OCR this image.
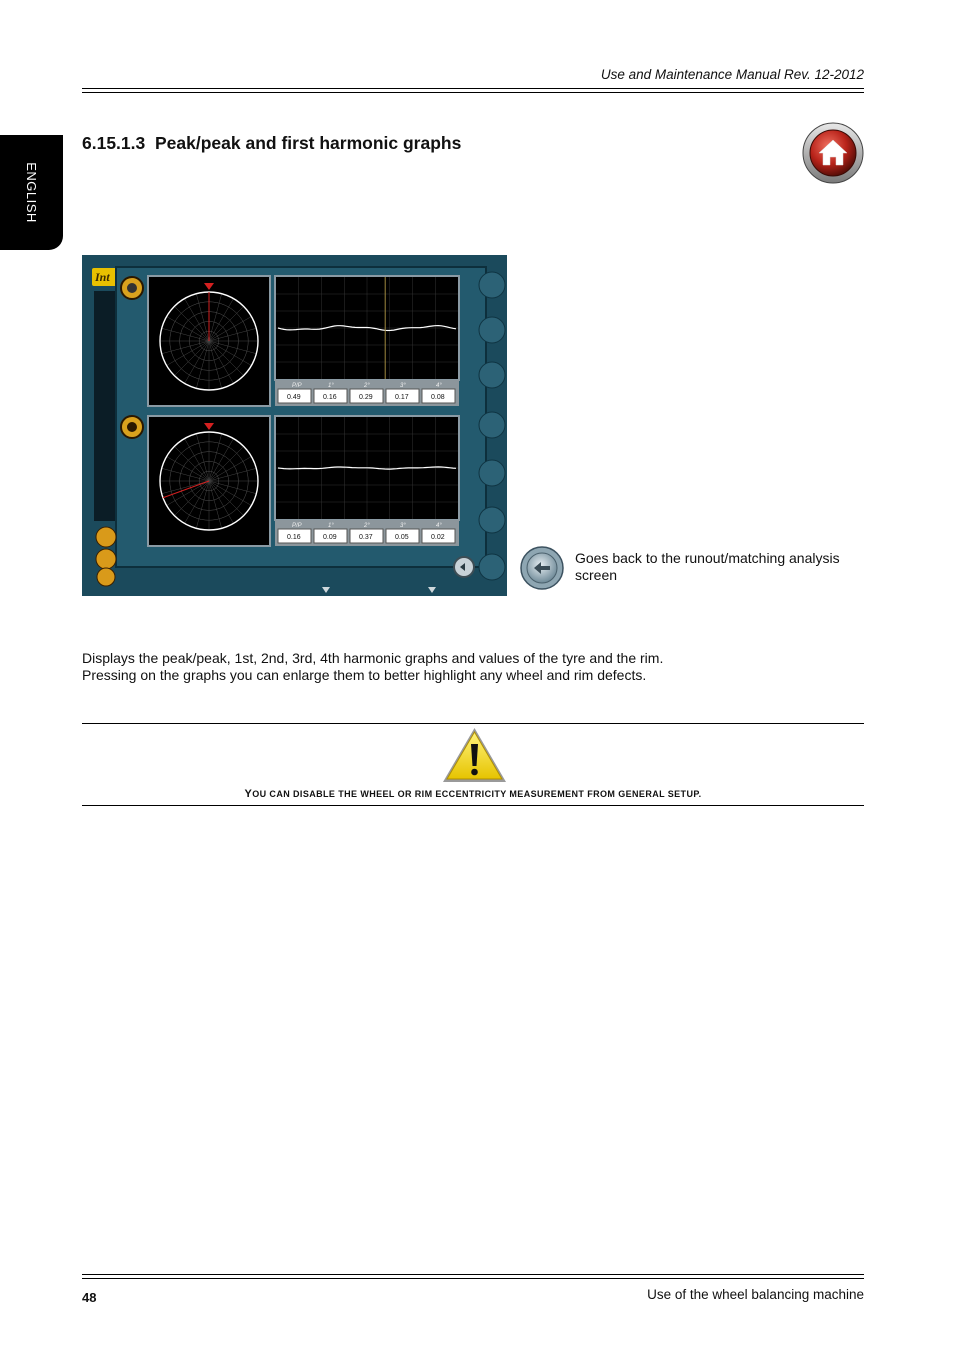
Use and Maintenance Manual Rev. 12-2012
ENGLISH
6.15.1.3 Peak/peak and first harmonic graphs
Int
P/P	1°	2°	3°	4°
0.49	0.16	0.29	0.17	0.08
P/P	1°	2°	3°	4°
0.16	0.09	0.37	0.05	0.02
Goes back to the runout/matching analysis screen
Displays the peak/peak, 1st, 2nd, 3rd, 4th harmonic graphs and values of the tyre and the rim.
Pressing on the graphs you can enlarge them to better highlight any wheel and rim defects.
YOU CAN DISABLE THE WHEEL OR RIM ECCENTRICITY MEASUREMENT FROM GENERAL SETUP.
48	Use of the wheel balancing machine
